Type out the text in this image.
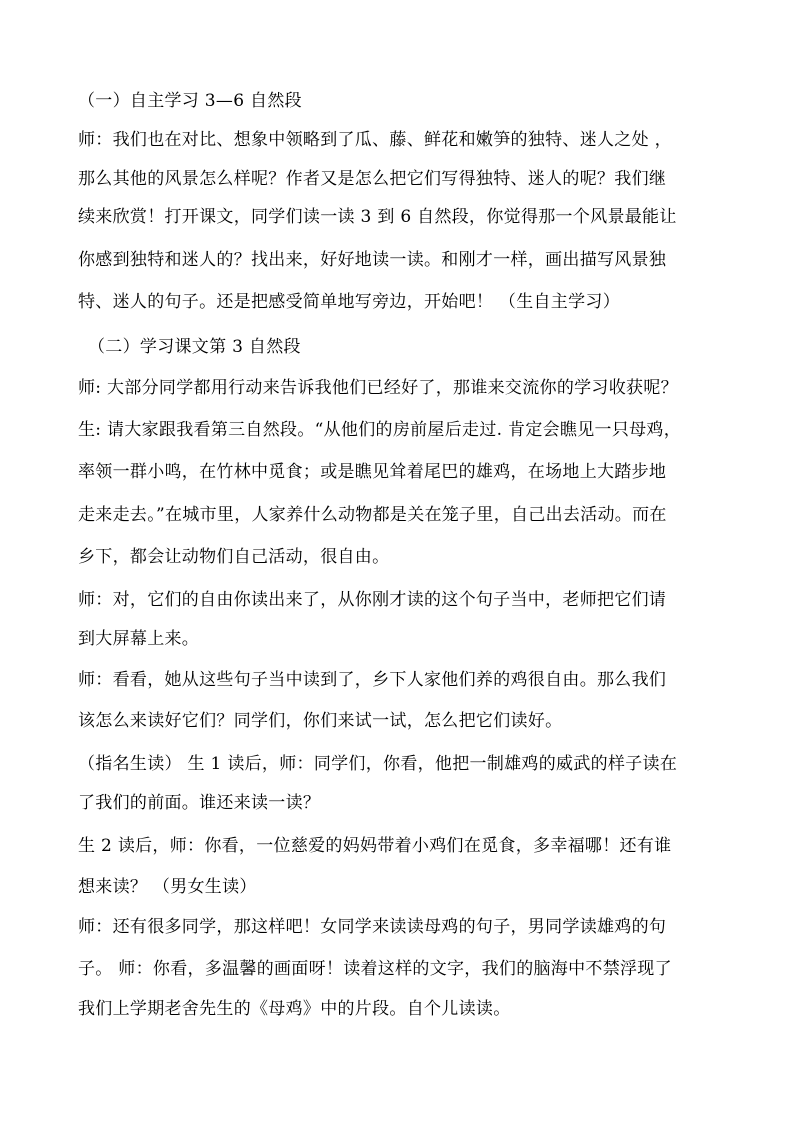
（一）自主学习 3—6 自然段
师：我们也在对比、想象中领略到了瓜、藤、鲜花和嫩笋的独特、迷人之处 ，
那么其他的风景怎么样呢？作者又是怎么把它们写得独特、迷人的呢？我们继
续来欣赏！打开课文，同学们读一读 3 到 6 自然段，你觉得那一个风景最能让
你感到独特和迷人的？找出来，好好地读一读。和刚才一样，画出描写风景独
特、迷人的句子。还是把感受简单地写旁边，开始吧！ （生自主学习）
（二）学习课文第 3 自然段
师: 大部分同学都用行动来告诉我他们已经好了，那谁来交流你的学习收获呢？
生: 请大家跟我看第三自然段。“从他们的房前屋后走过. 肯定会瞧见一只母鸡，
率领一群小鸣，在竹林中觅食；或是瞧见耸着尾巴的雄鸡，在场地上大踏步地
走来走去。”在城市里，人家养什么动物都是关在笼子里，自己出去活动。而在
乡下，都会让动物们自己活动，很自由。
师：对，它们的自由你读出来了，从你刚才读的这个句子当中，老师把它们请
到大屏幕上来。
师：看看，她从这些句子当中读到了，乡下人家他们养的鸡很自由。那么我们
该怎么来读好它们？同学们，你们来试一试，怎么把它们读好。
（指名生读） 生 1 读后，师：同学们，你看，他把一制雄鸡的威武的样子读在
了我们的前面。谁还来读一读？
生 2 读后，师：你看，一位慈爱的妈妈带着小鸡们在觅食，多幸福哪！还有谁
想来读？ （男女生读）
师：还有很多同学，那这样吧！女同学来读读母鸡的句子，男同学读雄鸡的句
子。 师：你看，多温馨的画面呀！读着这样的文字，我们的脑海中不禁浮现了
我们上学期老舍先生的《母鸡》中的片段。自个儿读读。
